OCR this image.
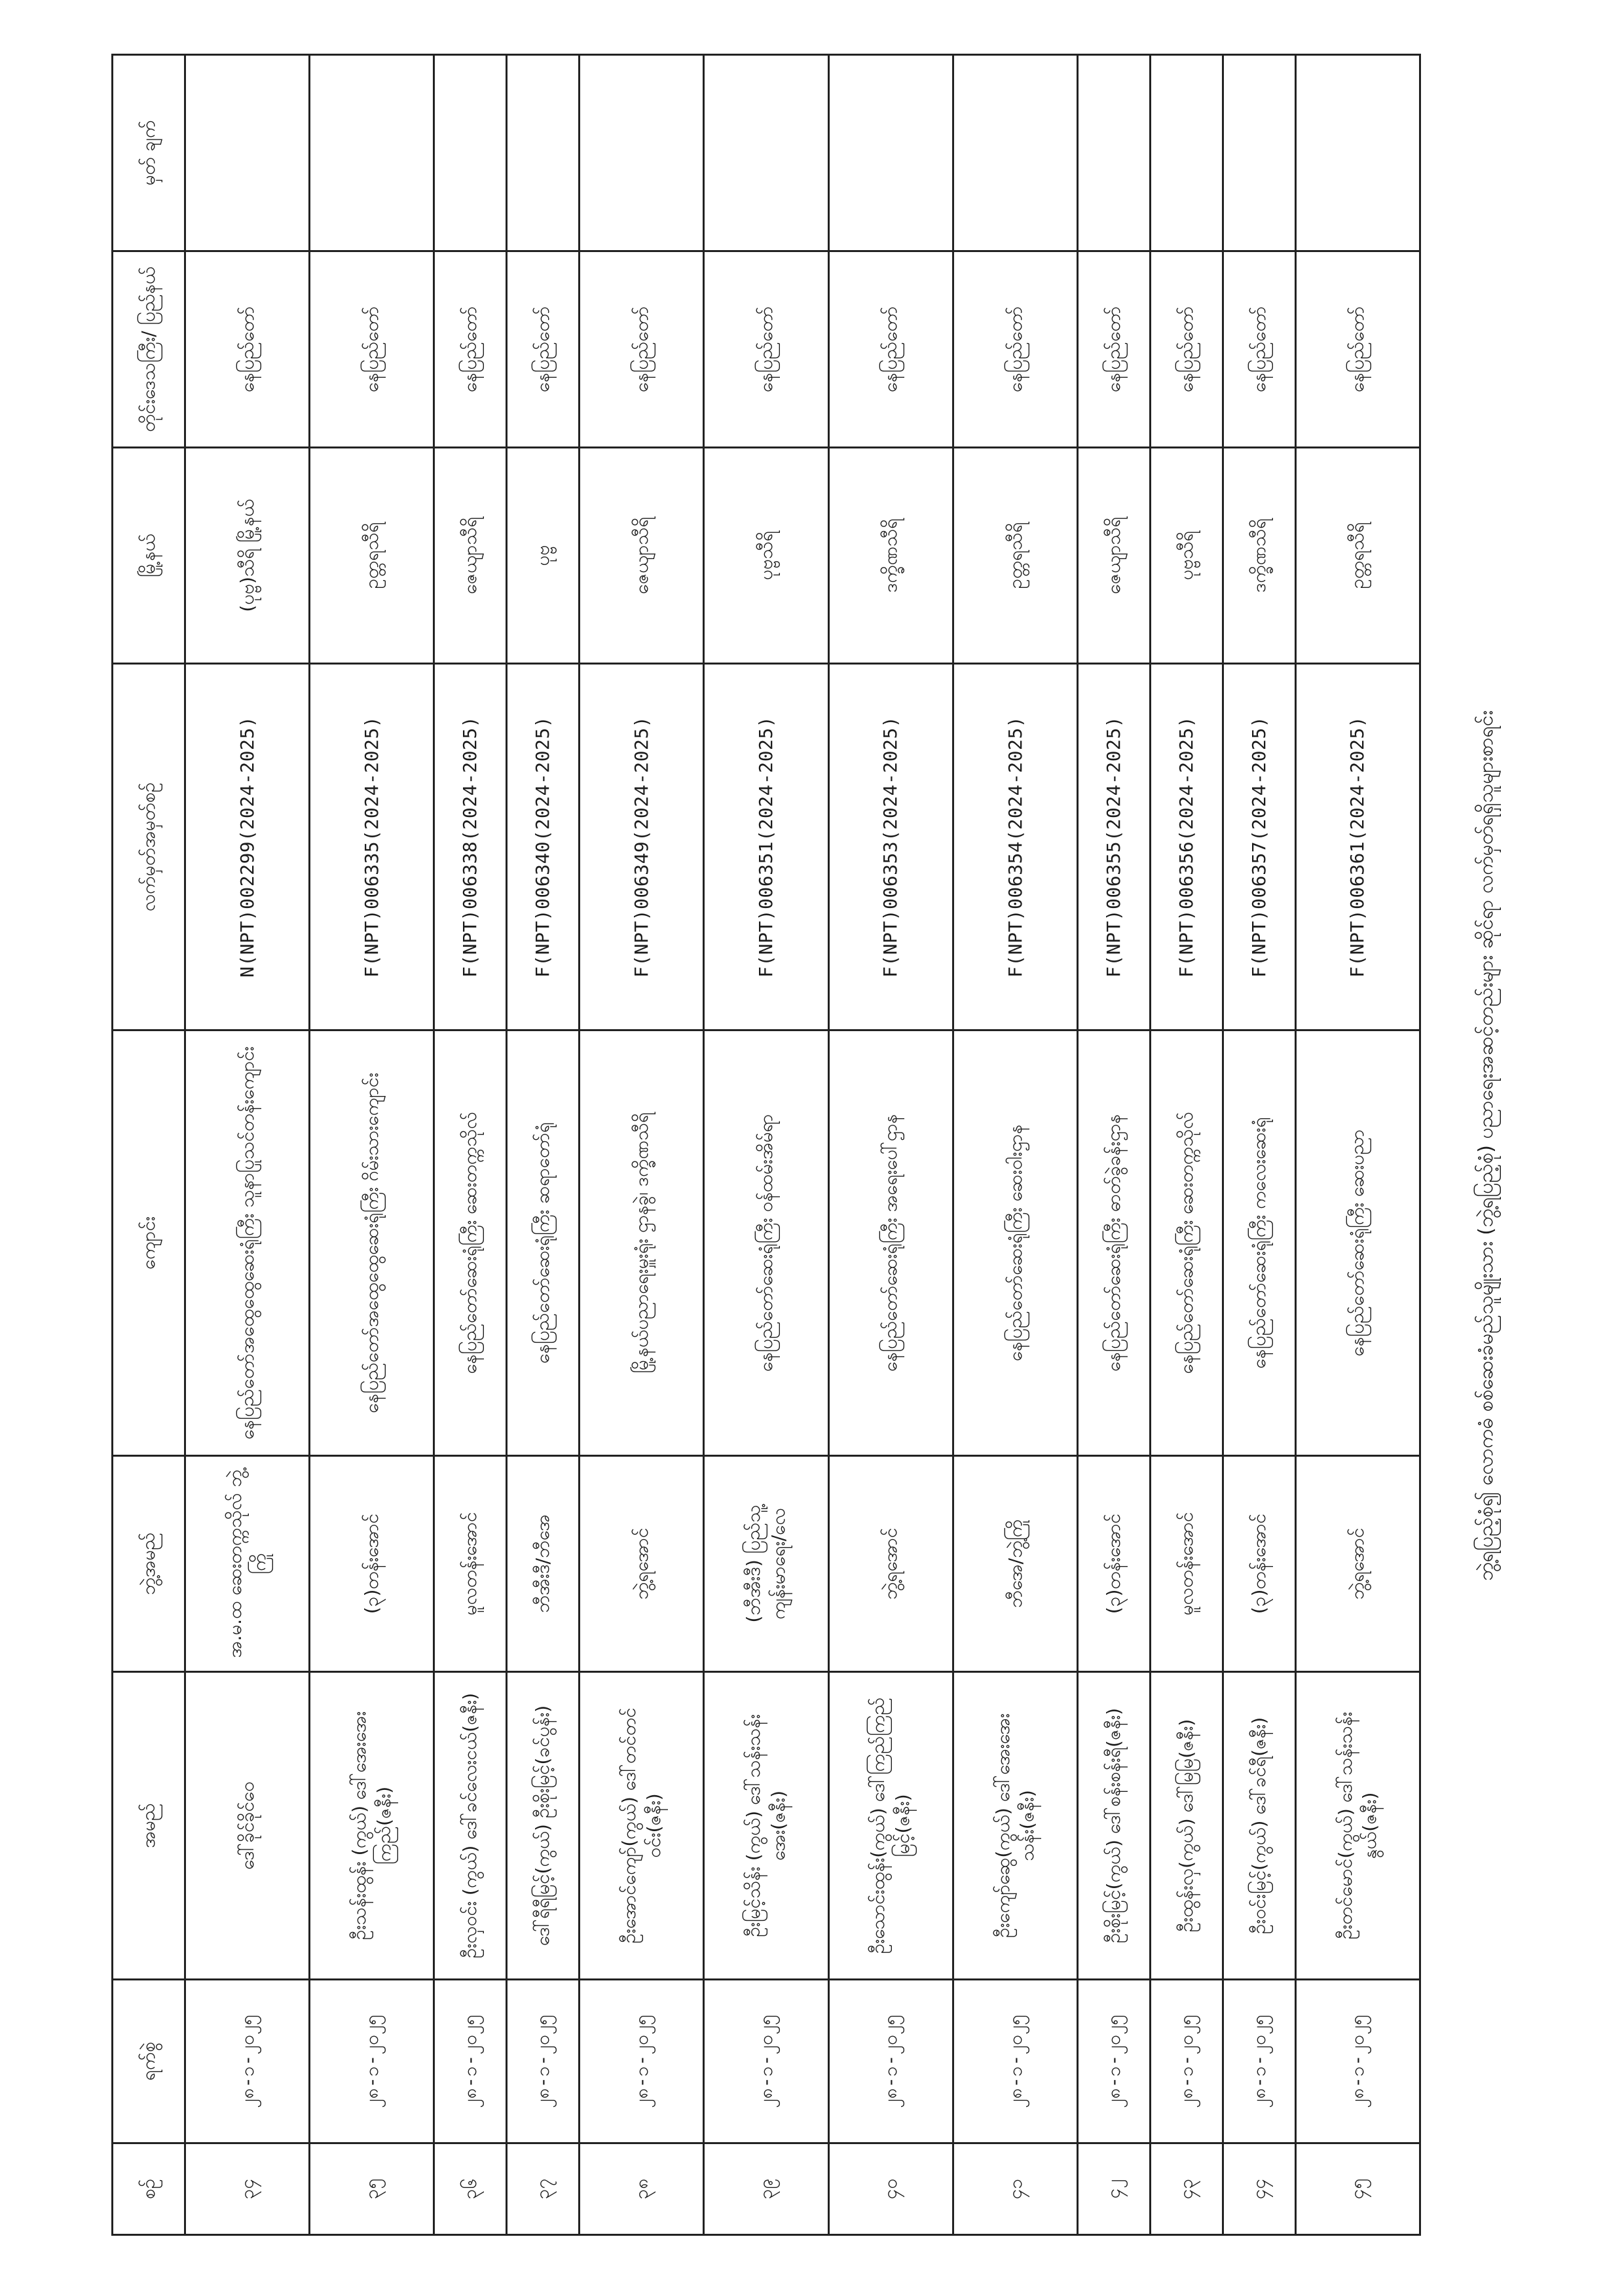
စဉ်	ရက်စွဲ	အမည်	ဘွဲ့အမည်	ကျောင်း	လက်မှတ်အမှတ်စဉ်	မြို့နယ်	တိုင်းဒေသကြီး/ ပြည်နယ်	မှတ် ချက်
၃၄	၂၈-၁-၂၀၂၅	ဒေါ်ခိုင်ခိုင်ဝေ	အ.မ.ထ ဆေးတက္ကသိုလ် ဘွဲ့ကြို	နေပြည်တော်အထွေထွေဆေးရုံကြီး သူနာပြုသင်တန်းကျောင်း	N(NPT)002299(2024-2025)	(ပုဗ္ဗ)သီရိ မြို့နယ်	နေပြည်တော်	
၃၅	၂၈-၁-၂၀၂၅	ဦးသန်းထွန်း (ကွယ်) ဒေါ်အေးအေးကြည်(ဇနီး)	(၃)တန်းအောင်	နေပြည်တော်အထွေထွေဆေးရုံကြီး ဂိမ်းသားကျောင်း	F(NPT)006335(2024-2025)	ဥတ္တရသီရိ	နေပြည်တော်	
၃၆	၂၈-၁-၂၀၂၅	ဦးလှဝင်း (ကွယ်) ဒေါ်ခင်လေးငယ်(ဇနီး)	မူလတန်းအောင်	နေပြည်တော်ဆေးရုံကြီး ဆေးတက္ကသိုလ်	F(NPT)006338(2024-2025)	ဇေယျာသီရိ	နေပြည်တော်	
၃၇	၂၈-၁-၂၀၂၅	ဒေါ်ရီရီမြင့်(ကွယ်) ဦးစိုးမြင့်(ခင်ပွန်း)	ဘီအီးဒီ/ဘီအေ	နေပြည်တော်ဆေးရုံကြီး ဆရာတော်ရုံ	F(NPT)006340(2024-2025)	ပုဗ္ဗ	နေပြည်တော်	
၃၈	၂၈-၁-၂၀၂၅	ဦးအောင်ကျော်(ကွယ်) ဒေါ်တင်တင်ဝင်း(ဇနီး)	ဘွဲ့ရအောင်	မြို့နယ်ပညာရေးမှူးရုံး ဌာနခွဲ၊ ဒက္ခိဏသီရိ	F(NPT)006349(2024-2025)	ဇေယျာသီရိ	နေပြည်တော်	
၃၉	၂၈-၁-၂၀၂၅	ဦးမြင့်သိန်း (ကွယ်) ဒေါ်သန်းသန်းအေး(ဇနီး)	(ဘီအီးဒီ) ပြည်သူ့ကျန်းမာရေး/လေ	နေပြည်တော်ဆေးရုံကြီး ဝန်ထမ်းအိမ်ရာ	F(NPT)006351(2024-2025)	ပုဗ္ဗသီရိ	နေပြည်တော်	
၄၀	၂၈-၁-၂၀၂၅	ဦးသောင်းထွန်း(ကွယ်) ဒေါ်ကြည်ကြည်မြင့်(ဇနီး)	ဘွဲ့ရအောင်	နေပြည်တော်ဆေးရုံကြီး အရေးပေါ်ဌာန	F(NPT)006353(2024-2025)	ဒက္ခိဏသီရိ	နေပြည်တော်	
၄၁	၂၈-၁-၂၀၂၅	ဦးကျော်ဆွေ(ကွယ်) ဒေါ်အေးအေးသန်း(ဇနီး)	ဘီအေ/ဘွဲ့ကြို	နေပြည်တော်ဆေးရုံကြီး ဆေးဝါးဌာန	F(NPT)006354(2024-2025)	ဥတ္တရသီရိ	နေပြည်တော်	
၄၂	၂၈-၁-၂၀၂၅	ဦးစိုးမြင့်(ကွယ်) ဒေါ်စန်းစန်းရီ(ဇနီး)	(၃)တန်းအောင်	နေပြည်တော်ဆေးရုံကြီး ဓာတ်ခွဲခန်းဌာန	F(NPT)006355(2024-2025)	ဇေယျာသီရိ	နေပြည်တော်	
၄၃	၂၈-၁-၂၀၂၅	ဦးထွန်းလှ(ကွယ်) ဒေါ်မြမြ(ဇနီး)	မူလတန်းအောင်	နေပြည်တော်ဆေးရုံကြီး ဆေးတက္ကသိုလ်	F(NPT)006356(2024-2025)	ပုဗ္ဗသီရိ	နေပြည်တော်	
၄၄	၂၈-၁-၂၀၂၅	ဦးဝင်းမြင့်(ကွယ်) ဒေါ်ခင်ရီ(ဇနီး)	(၃)တန်းအောင်	နေပြည်တော်ဆေးရုံကြီး ကလေးဆေးရုံ	F(NPT)006357(2024-2025)	ဒက္ခိဏသီရိ	နေပြည်တော်	
၄၅	၂၈-၁-၂၀၂၅	ဦးတင်မောင်(ကွယ်) ဒေါ်သန်းသန်းနွယ်(ဇနီး)	ဘွဲ့ရအောင်	နေပြည်တော်ဆေးရုံကြီး ဆေးပညာ	F(NPT)006361(2024-2025)	ဥတ္တရသီရိ	နေပြည်တော်	
ဘွဲ့ရပြည့်စုံ၍ လောကဓံ စစ်ဆေးခံမည်သူမျိုးသား (ဘွဲ့ရပြည့်စုံ) ပညာရေးအဆင့်တည်းများ ဆိုင်ရာ လက်မှတ်ရရှိသူများစာရင်း
